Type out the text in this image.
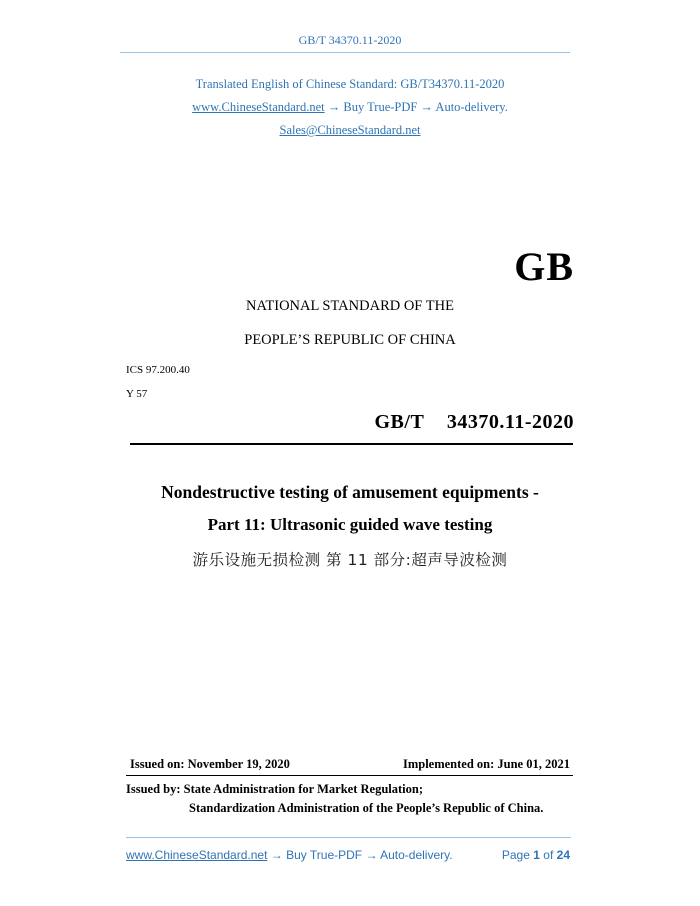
GB/T 34370.11-2020
Translated English of Chinese Standard: GB/T34370.11-2020
www.ChineseStandard.net → Buy True-PDF → Auto-delivery.
Sales@ChineseStandard.net
GB
NATIONAL STANDARD OF THE
PEOPLE’S REPUBLIC OF CHINA
ICS 97.200.40
Y 57
GB/T  34370.11-2020
Nondestructive testing of amusement equipments -
Part 11: Ultrasonic guided wave testing
游乐设施无损检测 第 11 部分:超声导波检测
Issued on: November 19, 2020	Implemented on: June 01, 2021
Issued by: State Administration for Market Regulation;
Standardization Administration of the People’s Republic of China.
www.ChineseStandard.net → Buy True-PDF → Auto-delivery.	Page 1 of 24
